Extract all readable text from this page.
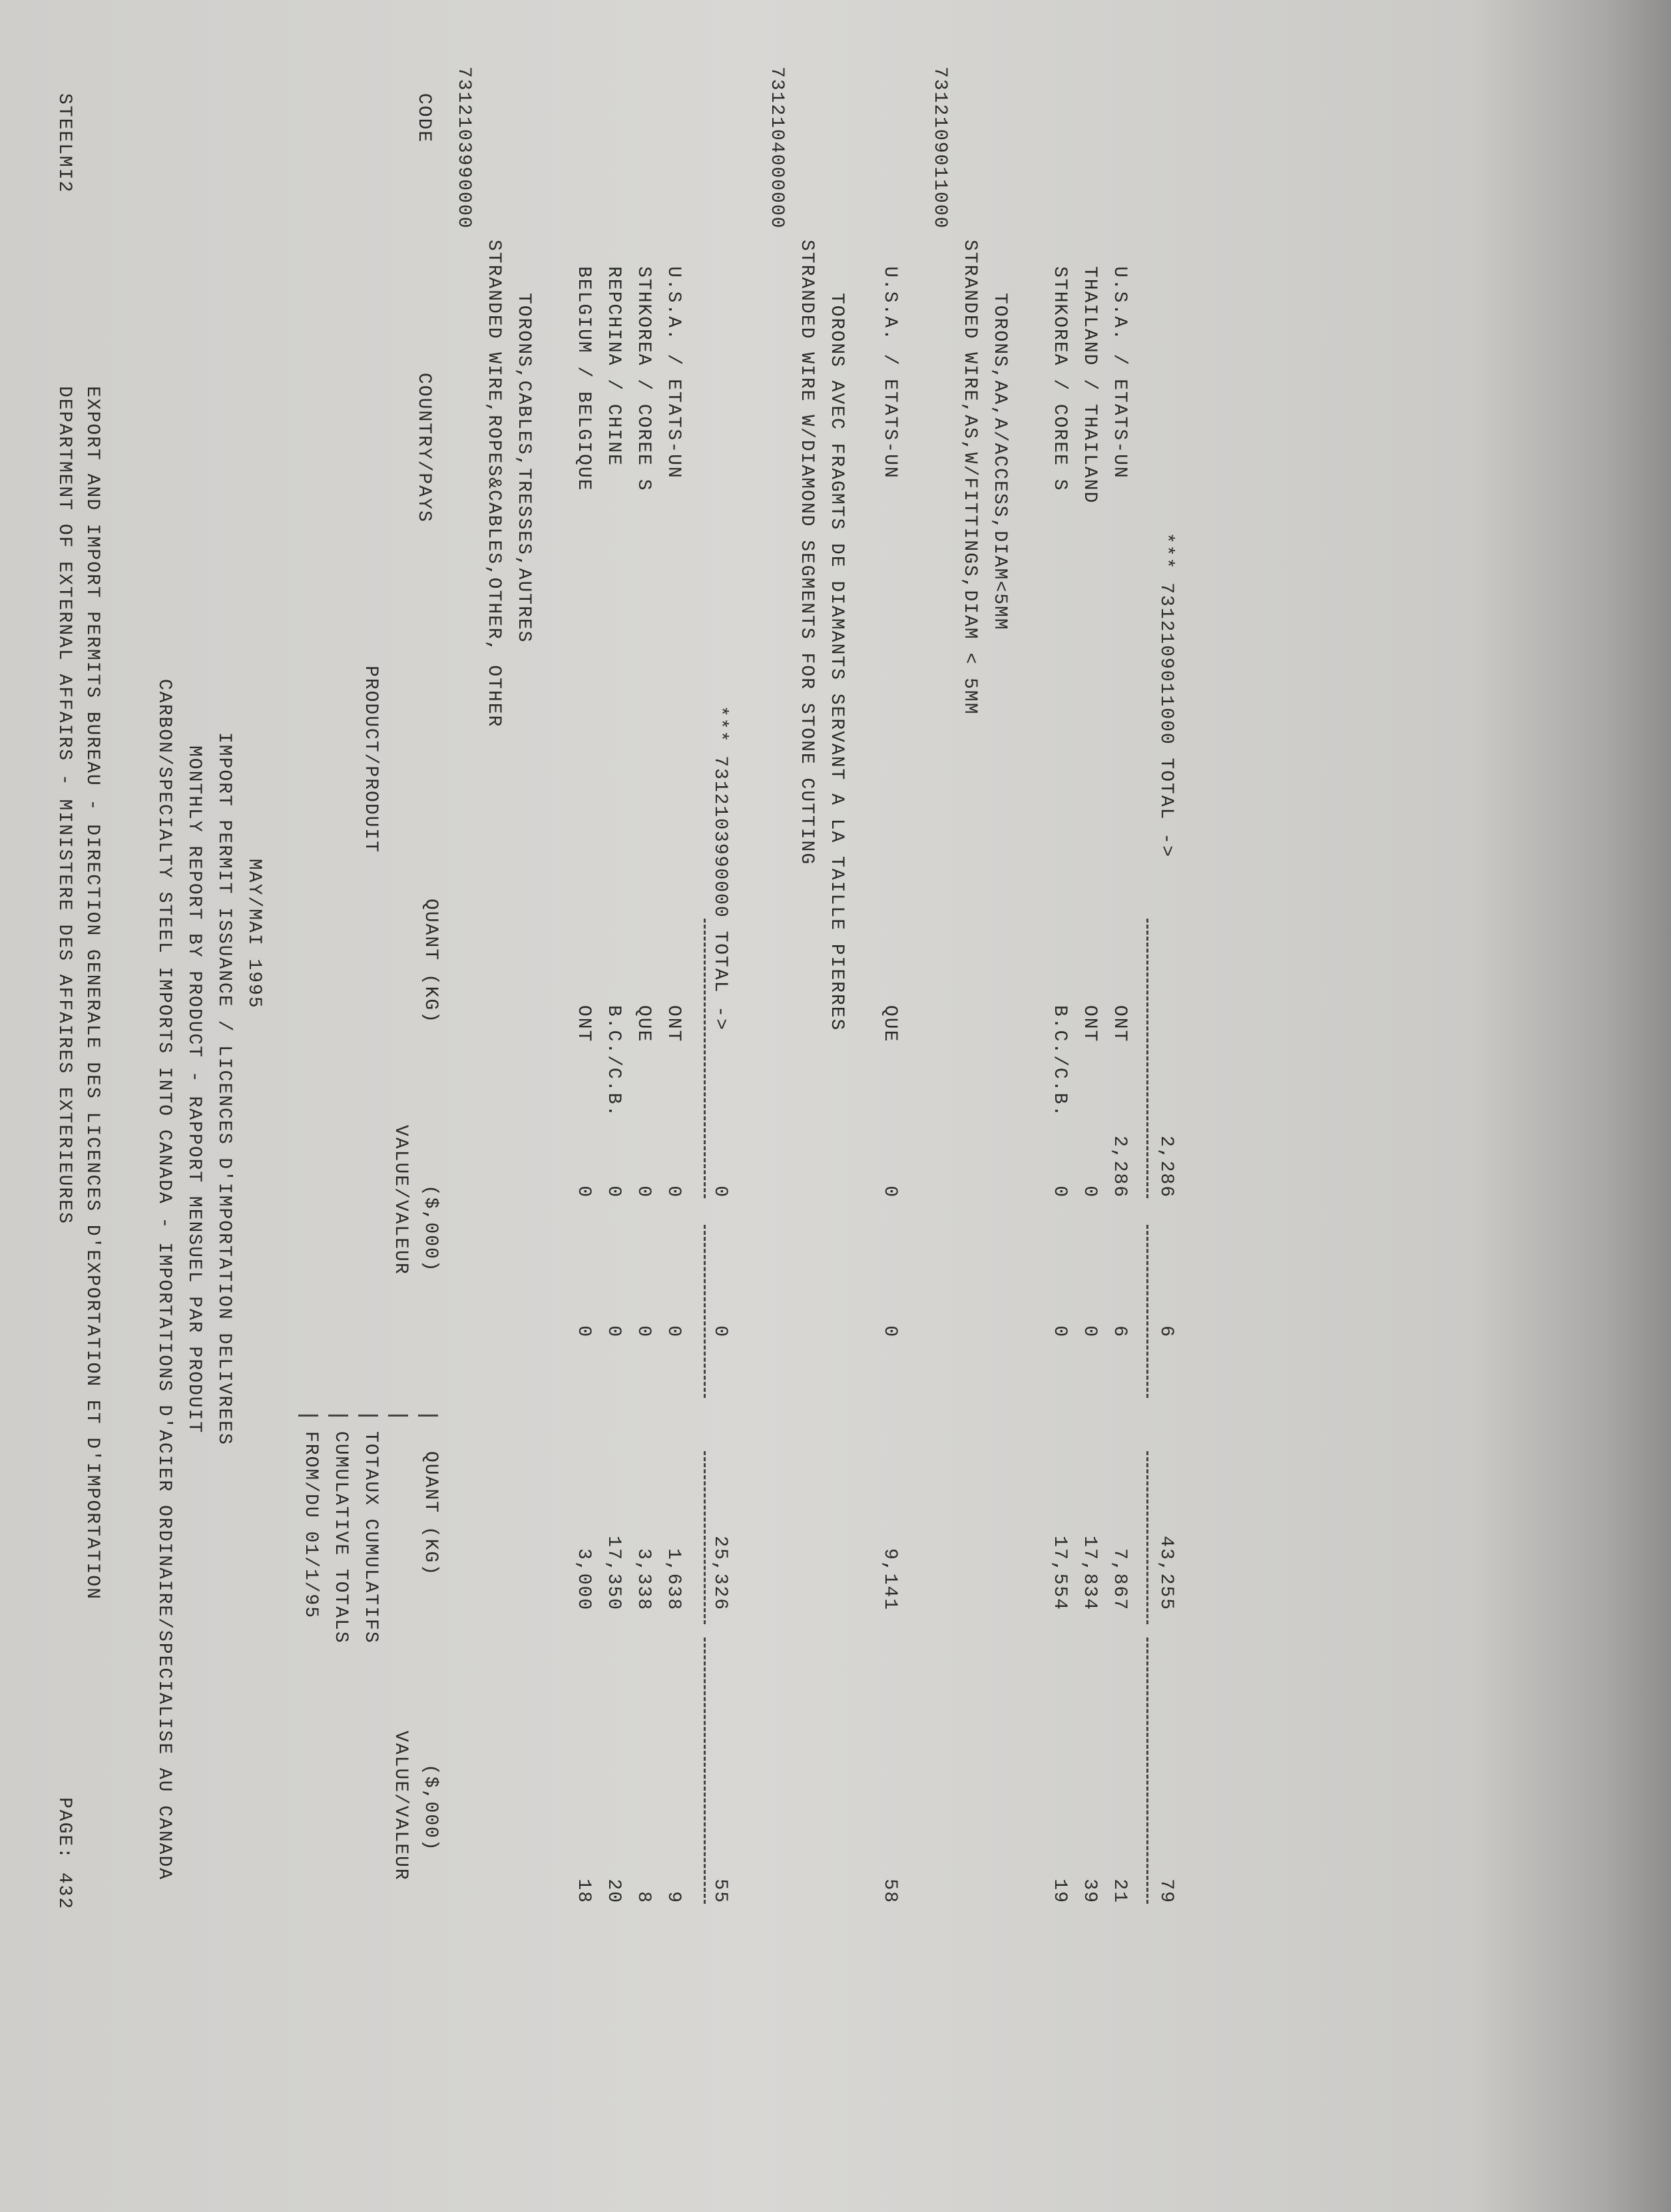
STEELMI2
DEPARTMENT OF EXTERNAL AFFAIRS - MINISTERE DES AFFAIRES EXTERIEURES
PAGE: 432
EXPORT AND IMPORT PERMITS BUREAU - DIRECTION GENERALE DES LICENCES D'EXPORTATION ET D'IMPORTATION	CARBON/SPECIALTY STEEL IMPORTS INTO CANADA - IMPORTATIONS D'ACIER ORDINAIRE/SPECIALISE AU CANADA MONTHLY REPORT BY PRODUCT - RAPPORT MENSUEL PAR PRODUIT IMPORT PERMIT ISSUANCE / LICENCES D'IMPORTATION DELIVREES MAY/MAI 1995
FROM/DU 01/1/95 CUMULATIVE TOTALS TOTAUX CUMULATIFS
VALUE/VALEUR
VALUE/VALEUR
PRODUCT/PRODUIT
CODE
COUNTRY/PAYS
QUANT (KG)
($,000)
QUANT (KG)
($,000)
7312103990000
STRANDED WIRE,ROPES&CABLES,OTHER, OTHER TORONS,CABLES,TRESSES,AUTRES BELGIUM / BELGIQUE
ONT
0
0
3,000
18
REPCHINA / CHINE
B.C./C.B.
0
0
17,350
20
STHKOREA / COREE S
QUE
0
0
3,338
8
U.S.A. / ETATS-UN
ONT
0
0
1,638
9
*** 7312103990000 TOTAL ->
0
0
25,326
55
7312104000000
STRANDED WIRE W/DIAMOND SEGMENTS FOR STONE CUTTING TORONS AVEC FRAGMTS DE DIAMANTS SERVANT A LA TAILLE PIERRES U.S.A. / ETATS-UN
QUE
0
0
9,141
58
7312109011000
STRANDED WIRE,AS,W/FITTINGS,DIAM < 5MM TORONS,AA,A/ACCESS,DIAM<5MM STHKOREA / COREE S
B.C./C.B.
0
0
17,554
19
THAILAND / THAILAND
ONT
0
0
17,834
39
U.S.A. / ETATS-UN
ONT
2,286
6
7,867
21
*** 7312109011000 TOTAL ->
2,286
6
43,255
79
